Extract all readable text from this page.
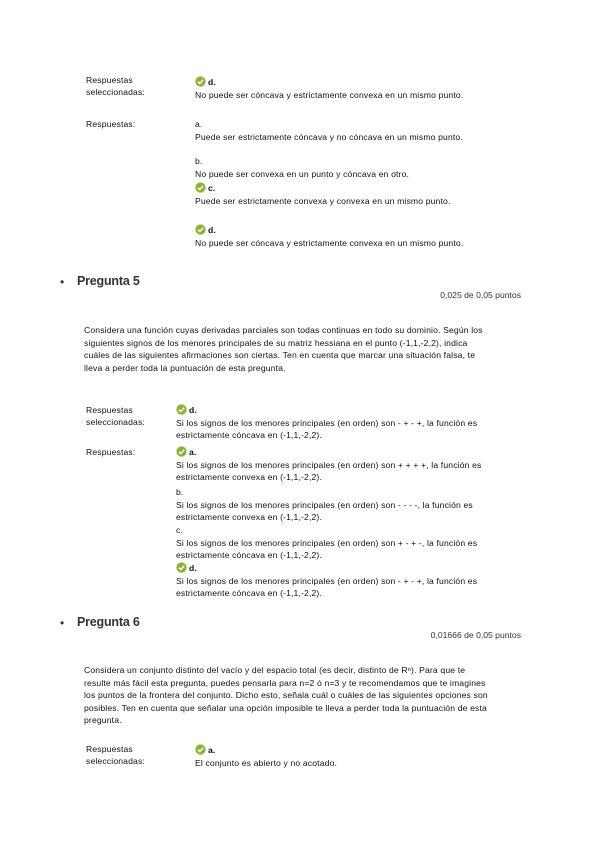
Respuestas seleccionadas:
d.
No puede ser cóncava y estrictamente convexa en un mismo punto.
Respuestas:	a.
Puede ser estrictamente cóncava y no cóncava en un mismo punto.
b.
No puede ser convexa en un punto y cóncava en otro.
c.
Puede ser estrictamente convexa y convexa en un mismo punto.
d.
No puede ser cóncava y estrictamente convexa en un mismo punto.
• Pregunta 5
0,025 de 0,05 puntos
Considera una función cuyas derivadas parciales son todas continuas en todo su dominio. Según los siguientes signos de los menores principales de su matriz hessiana en el punto (-1,1,-2,2), indica cuáles de las siguientes afirmaciones son ciertas. Ten en cuenta que marcar una situación falsa, te lleva a perder toda la puntuación de esta pregunta.
Respuestas seleccionadas:
d.
Si los signos de los menores principales (en orden) son - + - +, la función es estrictamente cóncava en (-1,1,-2,2).
Respuestas:	a.
Si los signos de los menores principales (en orden) son + + + +, la función es estrictamente convexa en (-1,1,-2,2).
b.
Si los signos de los menores principales (en orden) son - - - -, la función es estrictamente convexa en (-1,1,-2,2).
c.
Si los signos de los menores principales (en orden) son + - + -, la función es estrictamente cóncava en (-1,1,-2,2).
d.
Si los signos de los menores principales (en orden) son - + - +, la función es estrictamente cóncava en (-1,1,-2,2).
• Pregunta 6
0,01666 de 0,05 puntos
Considera un conjunto distinto del vacío y del espacio total (es decir, distinto de Rⁿ). Para que te resulte más fácil esta pregunta, puedes pensarla para n=2 ó n=3 y te recomendamos que te imagines los puntos de la frontera del conjunto. Dicho esto, señala cuál o cuáles de las siguientes opciones son posibles. Ten en cuenta que señalar una opción imposible te lleva a perder toda la puntuación de esta pregunta.
Respuestas seleccionadas:
a.
El conjunto es abierto y no acotado.
